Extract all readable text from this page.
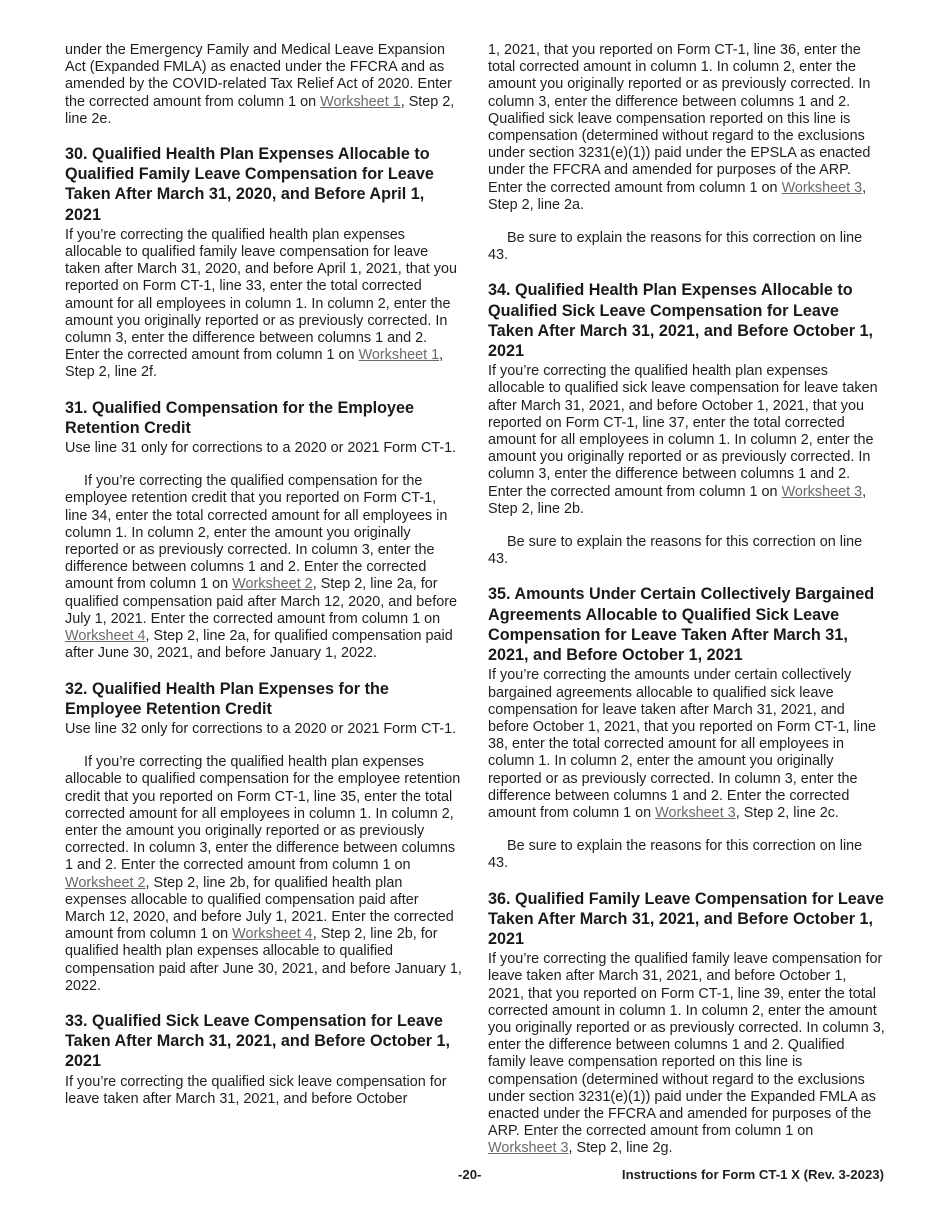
under the Emergency Family and Medical Leave Expansion Act (Expanded FMLA) as enacted under the FFCRA and as amended by the COVID-related Tax Relief Act of 2020. Enter the corrected amount from column 1 on Worksheet 1, Step 2, line 2e.

30. Qualified Health Plan Expenses Allocable to Qualified Family Leave Compensation for Leave Taken After March 31, 2020, and Before April 1, 2021

If you’re correcting the qualified health plan expenses allocable to qualified family leave compensation for leave taken after March 31, 2020, and before April 1, 2021, that you reported on Form CT-1, line 33, enter the total corrected amount for all employees in column 1. In column 2, enter the amount you originally reported or as previously corrected. In column 3, enter the difference between columns 1 and 2. Enter the corrected amount from column 1 on Worksheet 1, Step 2, line 2f.

31. Qualified Compensation for the Employee Retention Credit

Use line 31 only for corrections to a 2020 or 2021 Form CT-1.

If you’re correcting the qualified compensation for the employee retention credit that you reported on Form CT-1, line 34, enter the total corrected amount for all employees in column 1. In column 2, enter the amount you originally reported or as previously corrected. In column 3, enter the difference between columns 1 and 2. Enter the corrected amount from column 1 on Worksheet 2, Step 2, line 2a, for qualified compensation paid after March 12, 2020, and before July 1, 2021. Enter the corrected amount from column 1 on Worksheet 4, Step 2, line 2a, for qualified compensation paid after June 30, 2021, and before January 1, 2022.

32. Qualified Health Plan Expenses for the Employee Retention Credit

Use line 32 only for corrections to a 2020 or 2021 Form CT-1.

If you’re correcting the qualified health plan expenses allocable to qualified compensation for the employee retention credit that you reported on Form CT-1, line 35, enter the total corrected amount for all employees in column 1. In column 2, enter the amount you originally reported or as previously corrected. In column 3, enter the difference between columns 1 and 2. Enter the corrected amount from column 1 on Worksheet 2, Step 2, line 2b, for qualified health plan expenses allocable to qualified compensation paid after March 12, 2020, and before July 1, 2021. Enter the corrected amount from column 1 on Worksheet 4, Step 2, line 2b, for qualified health plan expenses allocable to qualified compensation paid after June 30, 2021, and before January 1, 2022.

33. Qualified Sick Leave Compensation for Leave Taken After March 31, 2021, and Before October 1, 2021

If you’re correcting the qualified sick leave compensation for leave taken after March 31, 2021, and before October

1, 2021, that you reported on Form CT-1, line 36, enter the total corrected amount in column 1. In column 2, enter the amount you originally reported or as previously corrected. In column 3, enter the difference between columns 1 and 2. Qualified sick leave compensation reported on this line is compensation (determined without regard to the exclusions under section 3231(e)(1)) paid under the EPSLA as enacted under the FFCRA and amended for purposes of the ARP. Enter the corrected amount from column 1 on Worksheet 3, Step 2, line 2a.

Be sure to explain the reasons for this correction on line 43.

34. Qualified Health Plan Expenses Allocable to Qualified Sick Leave Compensation for Leave Taken After March 31, 2021, and Before October 1, 2021

If you’re correcting the qualified health plan expenses allocable to qualified sick leave compensation for leave taken after March 31, 2021, and before October 1, 2021, that you reported on Form CT-1, line 37, enter the total corrected amount for all employees in column 1. In column 2, enter the amount you originally reported or as previously corrected. In column 3, enter the difference between columns 1 and 2. Enter the corrected amount from column 1 on Worksheet 3, Step 2, line 2b.

Be sure to explain the reasons for this correction on line 43.

35. Amounts Under Certain Collectively Bargained Agreements Allocable to Qualified Sick Leave Compensation for Leave Taken After March 31, 2021, and Before October 1, 2021

If you’re correcting the amounts under certain collectively bargained agreements allocable to qualified sick leave compensation for leave taken after March 31, 2021, and before October 1, 2021, that you reported on Form CT-1, line 38, enter the total corrected amount for all employees in column 1. In column 2, enter the amount you originally reported or as previously corrected. In column 3, enter the difference between columns 1 and 2. Enter the corrected amount from column 1 on Worksheet 3, Step 2, line 2c.

Be sure to explain the reasons for this correction on line 43.

36. Qualified Family Leave Compensation for Leave Taken After March 31, 2021, and Before October 1, 2021

If you’re correcting the qualified family leave compensation for leave taken after March 31, 2021, and before October 1, 2021, that you reported on Form CT-1, line 39, enter the total corrected amount in column 1. In column 2, enter the amount you originally reported or as previously corrected. In column 3, enter the difference between columns 1 and 2. Qualified family leave compensation reported on this line is compensation (determined without regard to the exclusions under section 3231(e)(1)) paid under the Expanded FMLA as enacted under the FFCRA and amended for purposes of the ARP. Enter the corrected amount from column 1 on Worksheet 3, Step 2, line 2g.

-20-	Instructions for Form CT-1 X (Rev. 3-2023)
